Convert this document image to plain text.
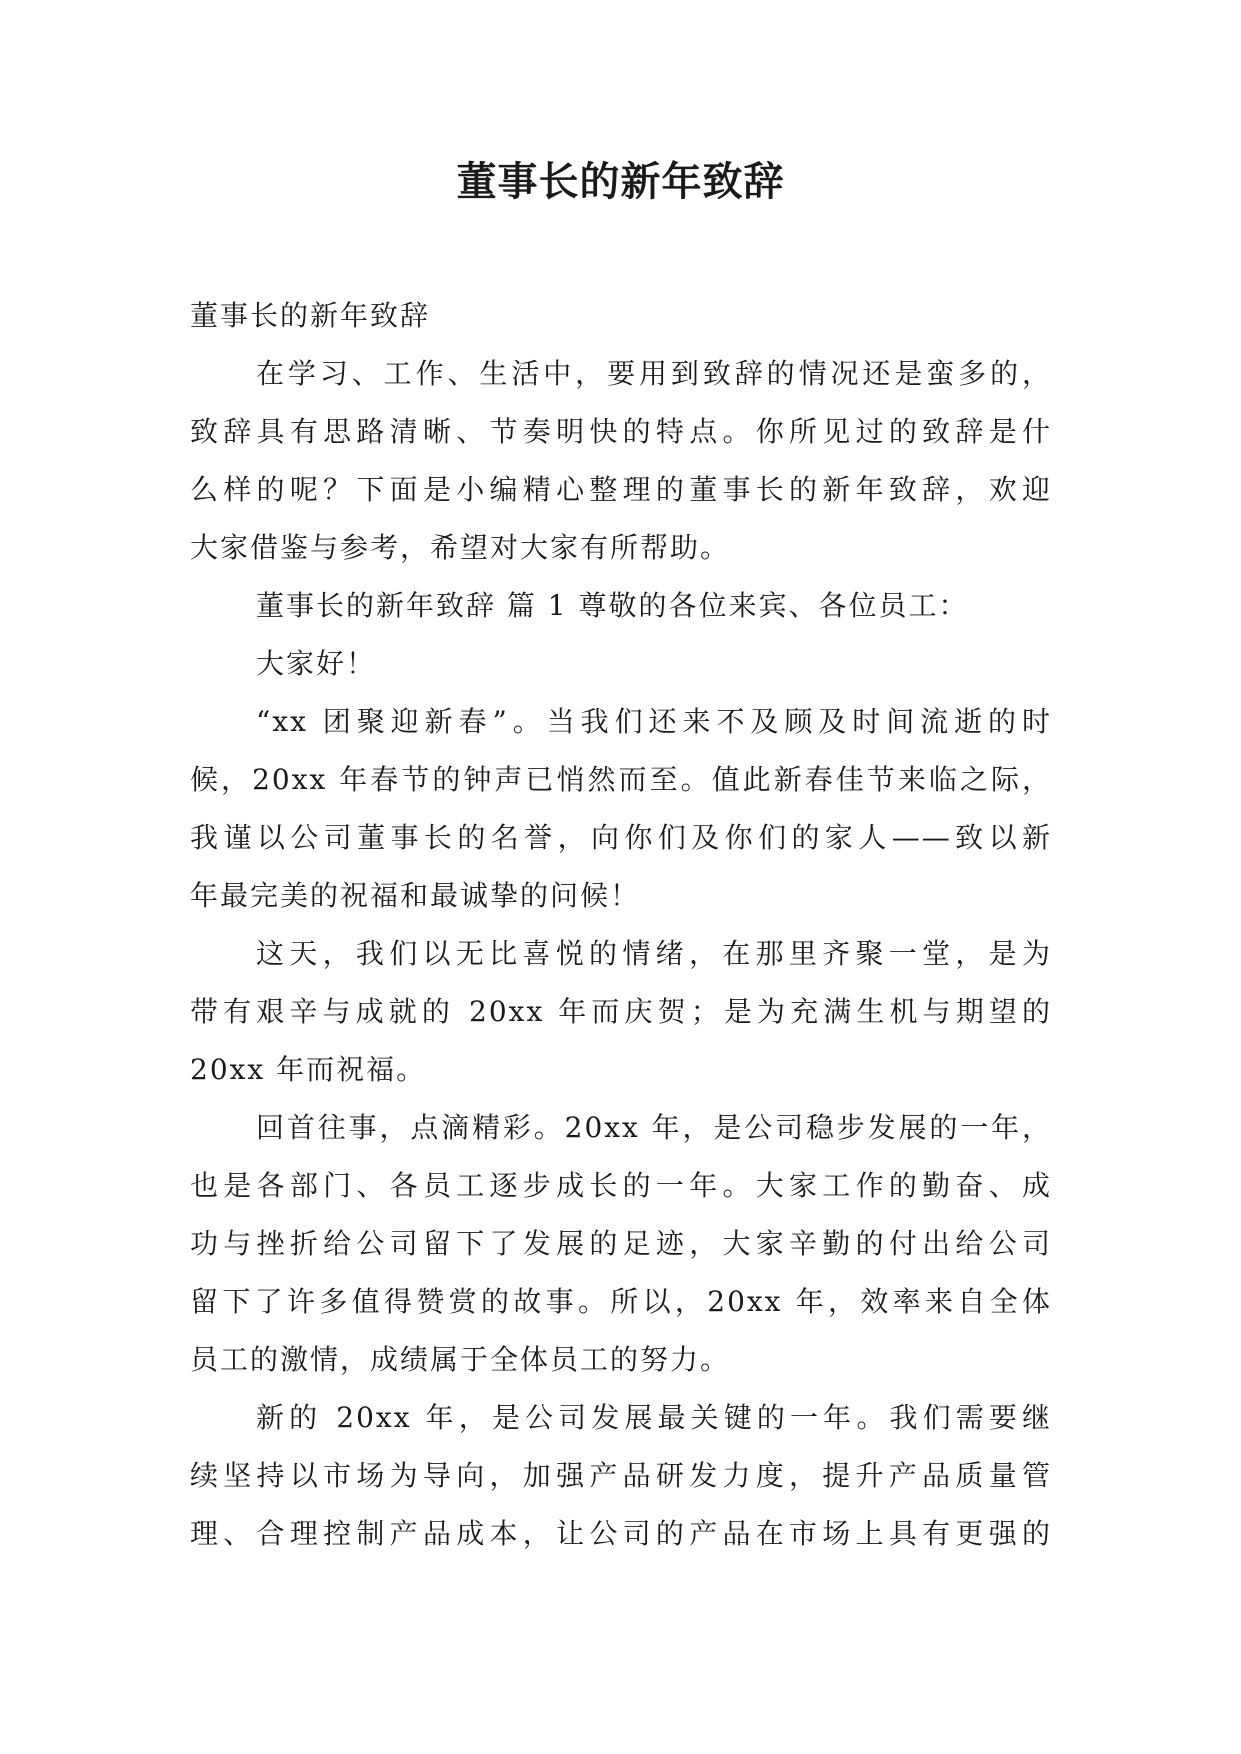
董事长的新年致辞
董事长的新年致辞
在学习、工作、生活中，要用到致辞的情况还是蛮多的，
致辞具有思路清晰、节奏明快的特点。你所见过的致辞是什
么样的呢？下面是小编精心整理的董事长的新年致辞，欢迎
大家借鉴与参考，希望对大家有所帮助。
董事长的新年致辞 篇 1 尊敬的各位来宾、各位员工：
大家好！
“xx 团聚迎新春”。当我们还来不及顾及时间流逝的时
候，20xx 年春节的钟声已悄然而至。值此新春佳节来临之际，
我谨以公司董事长的名誉，向你们及你们的家人——致以新
年最完美的祝福和最诚挚的问候！
这天，我们以无比喜悦的情绪，在那里齐聚一堂，是为
带有艰辛与成就的 20xx 年而庆贺；是为充满生机与期望的
20xx 年而祝福。
回首往事，点滴精彩。20xx 年，是公司稳步发展的一年，
也是各部门、各员工逐步成长的一年。大家工作的勤奋、成
功与挫折给公司留下了发展的足迹，大家辛勤的付出给公司
留下了许多值得赞赏的故事。所以，20xx 年，效率来自全体
员工的激情，成绩属于全体员工的努力。
新的 20xx 年，是公司发展最关键的一年。我们需要继
续坚持以市场为导向，加强产品研发力度，提升产品质量管
理、合理控制产品成本，让公司的产品在市场上具有更强的
